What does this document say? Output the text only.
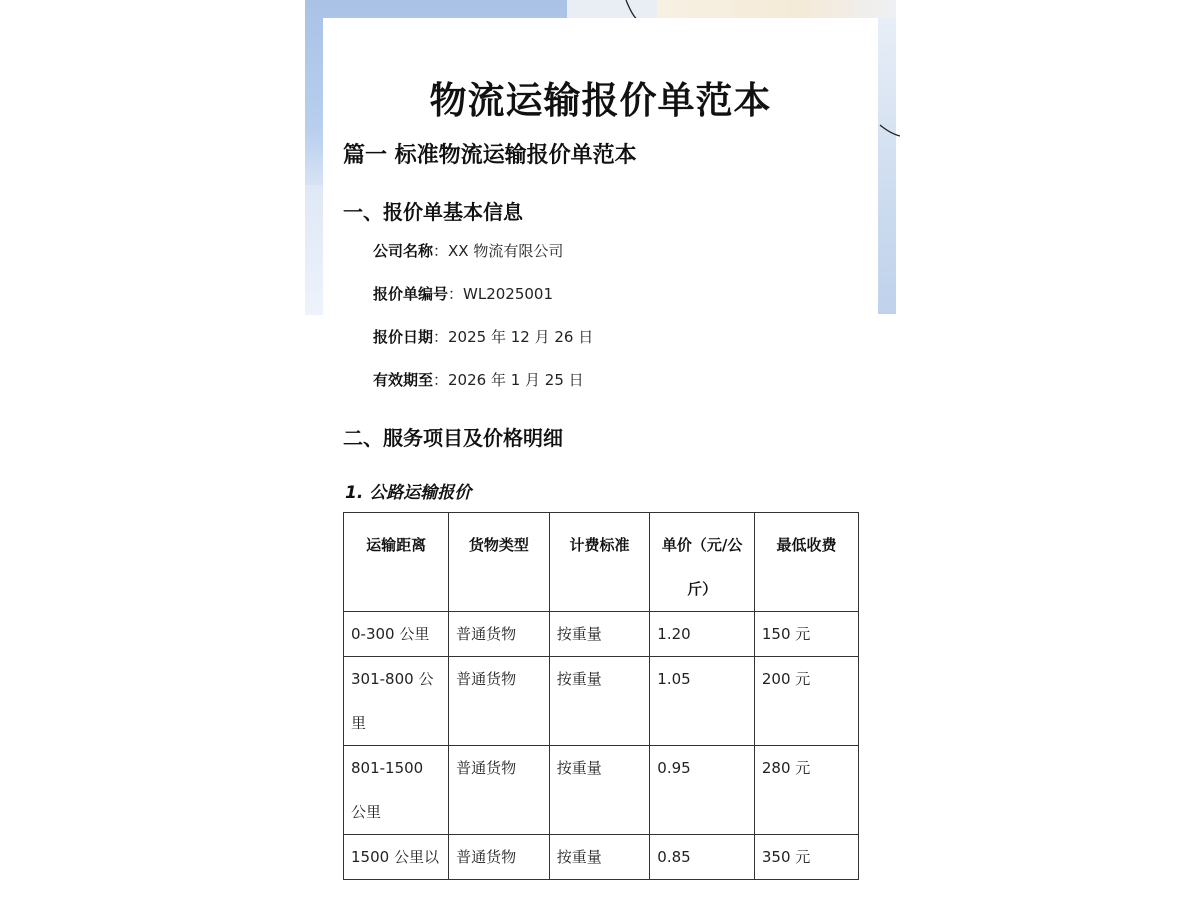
物流运输报价单范本
篇一 标准物流运输报价单范本
一、报价单基本信息
公司名称：XX 物流有限公司
报价单编号：WL2025001
报价日期：2025 年 12 月 26 日
有效期至：2026 年 1 月 25 日
二、服务项目及价格明细
1. 公路运输报价
运输距离	货物类型	计费标准	单价（元/公斤）	最低收费
0-300 公里	普通货物	按重量	1.20	150 元
301-800 公里	普通货物	按重量	1.05	200 元
801-1500 公里	普通货物	按重量	0.95	280 元
1500 公里以	普通货物	按重量	0.85	350 元
